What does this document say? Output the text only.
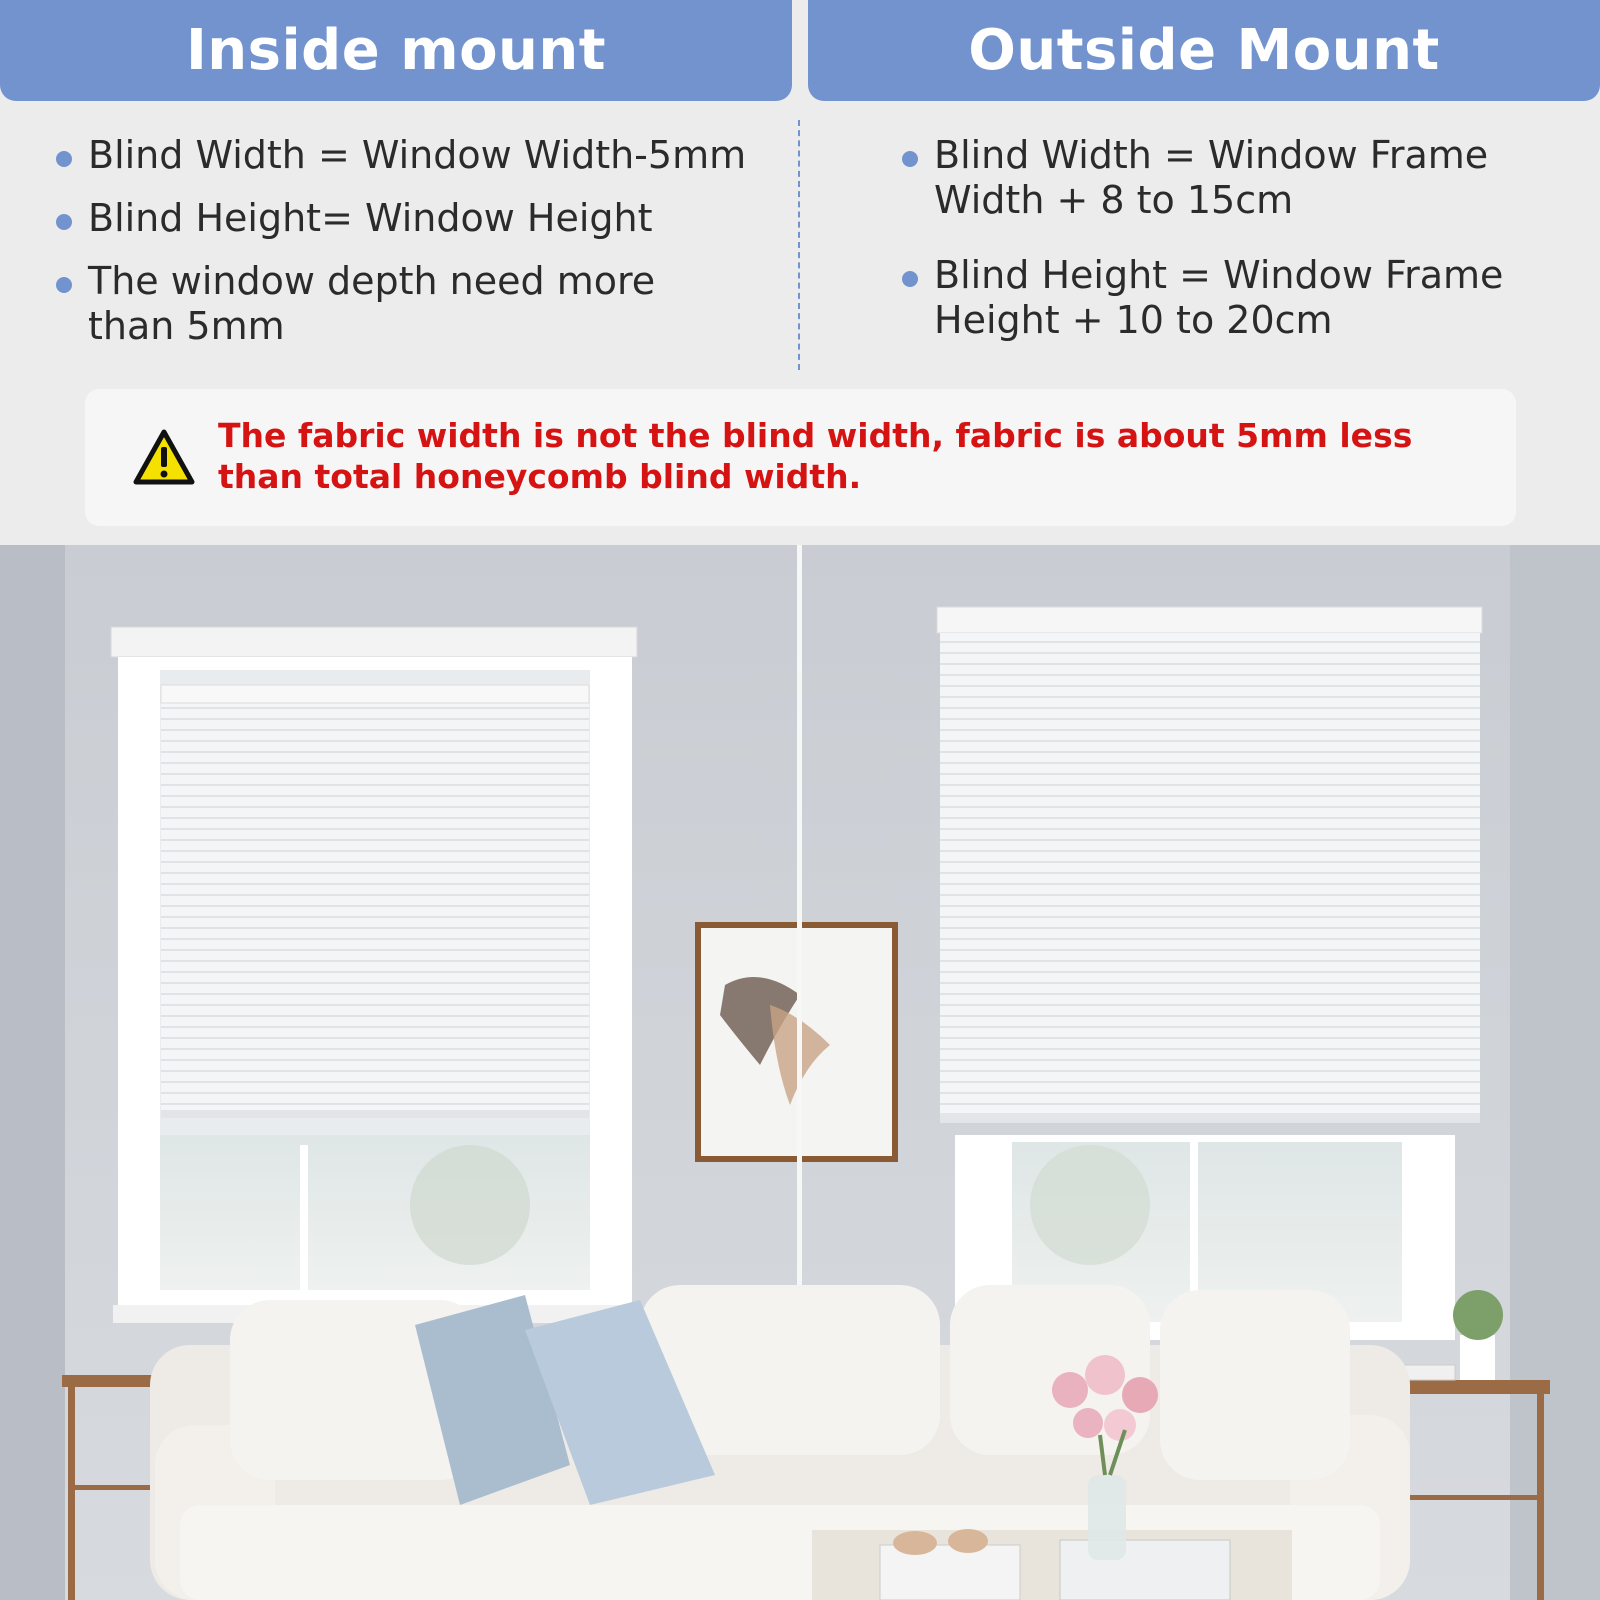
Inside mount	Outside Mount
Blind Width = Window Width-5mm
Blind Height= Window Height
The window depth need more than 5mm
Blind Width = Window Frame Width + 8 to 15cm
Blind Height = Window Frame Height + 10 to 20cm
The fabric width is not the blind width, fabric is about 5mm less than total honeycomb blind width.
